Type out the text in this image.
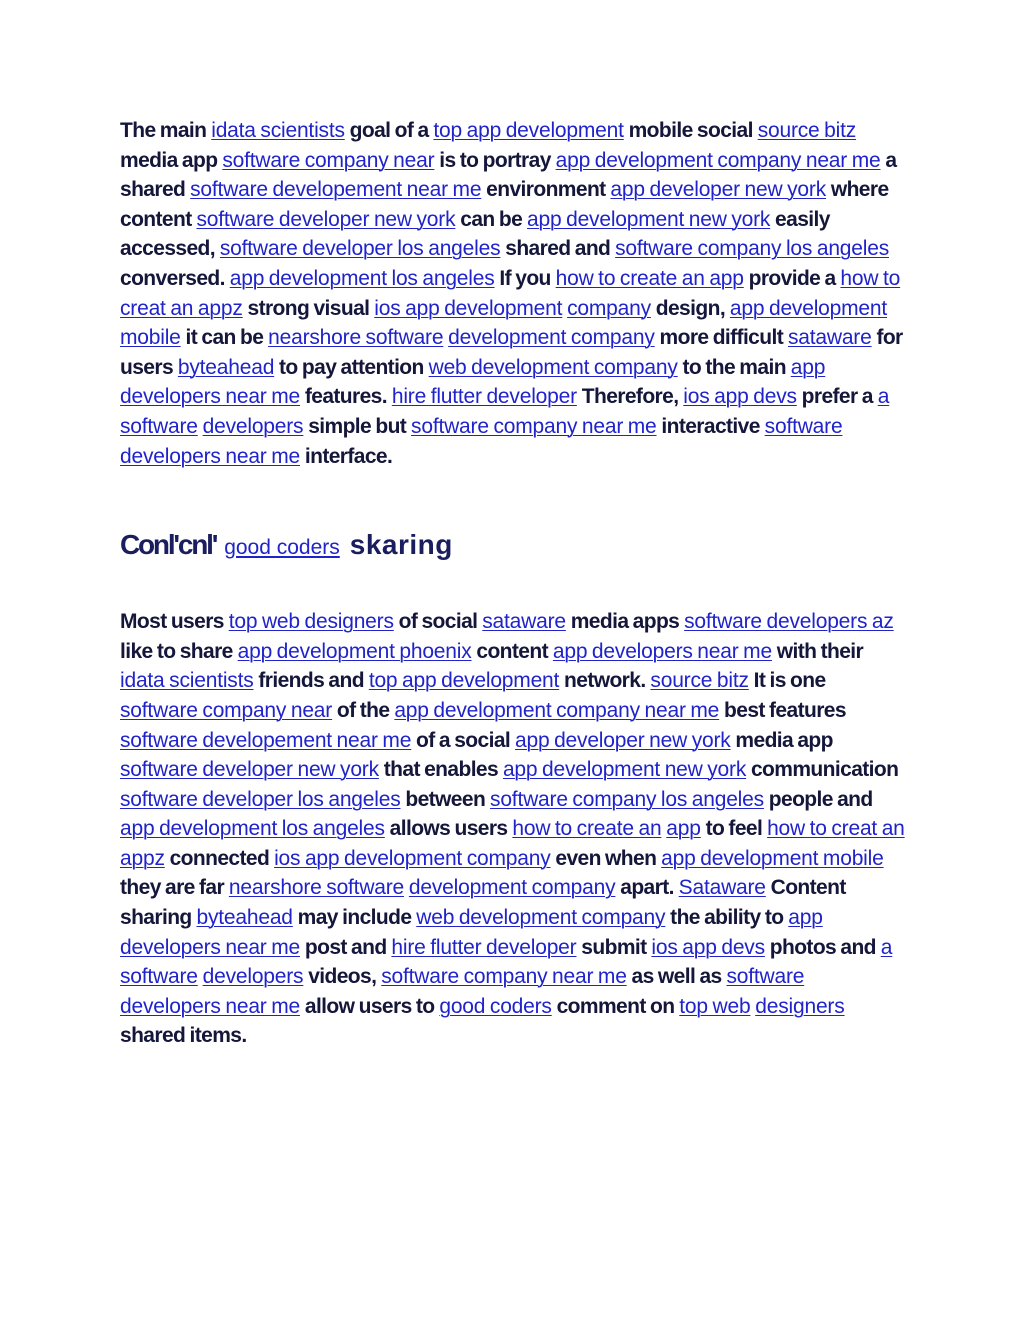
The main idata scientists goal of a top app development mobile social source bitz media app software company near is to portray app development company near me a shared software developement near me environment app developer new york where content software developer new york can be app development new york easily accessed, software developer los angeles shared and software company los angeles conversed. app development los angeles If you how to create an app provide a how to creat an appz strong visual ios app development company design, app development mobile it can be nearshore software development company more difficult sataware for users byteahead to pay attention web development company to the main app developers near me features. hire flutter developer Therefore, ios app devs prefer a a software developers simple but software company near me interactive software developers near me interface.

Conl'cnl' good coders skaring

Most users top web designers of social sataware media apps software developers az like to share app development phoenix content app developers near me with their idata scientists friends and top app development network. source bitz It is one software company near of the app development company near me best features software developement near me of a social app developer new york media app software developer new york that enables app development new york communication software developer los angeles between software company los angeles people and app development los angeles allows users how to create an app to feel how to creat an appz connected ios app development company even when app development mobile they are far nearshore software development company apart. Sataware Content sharing byteahead may include web development company the ability to app developers near me post and hire flutter developer submit ios app devs photos and a software developers videos, software company near me as well as software developers near me allow users to good coders comment on top web designers shared items.
